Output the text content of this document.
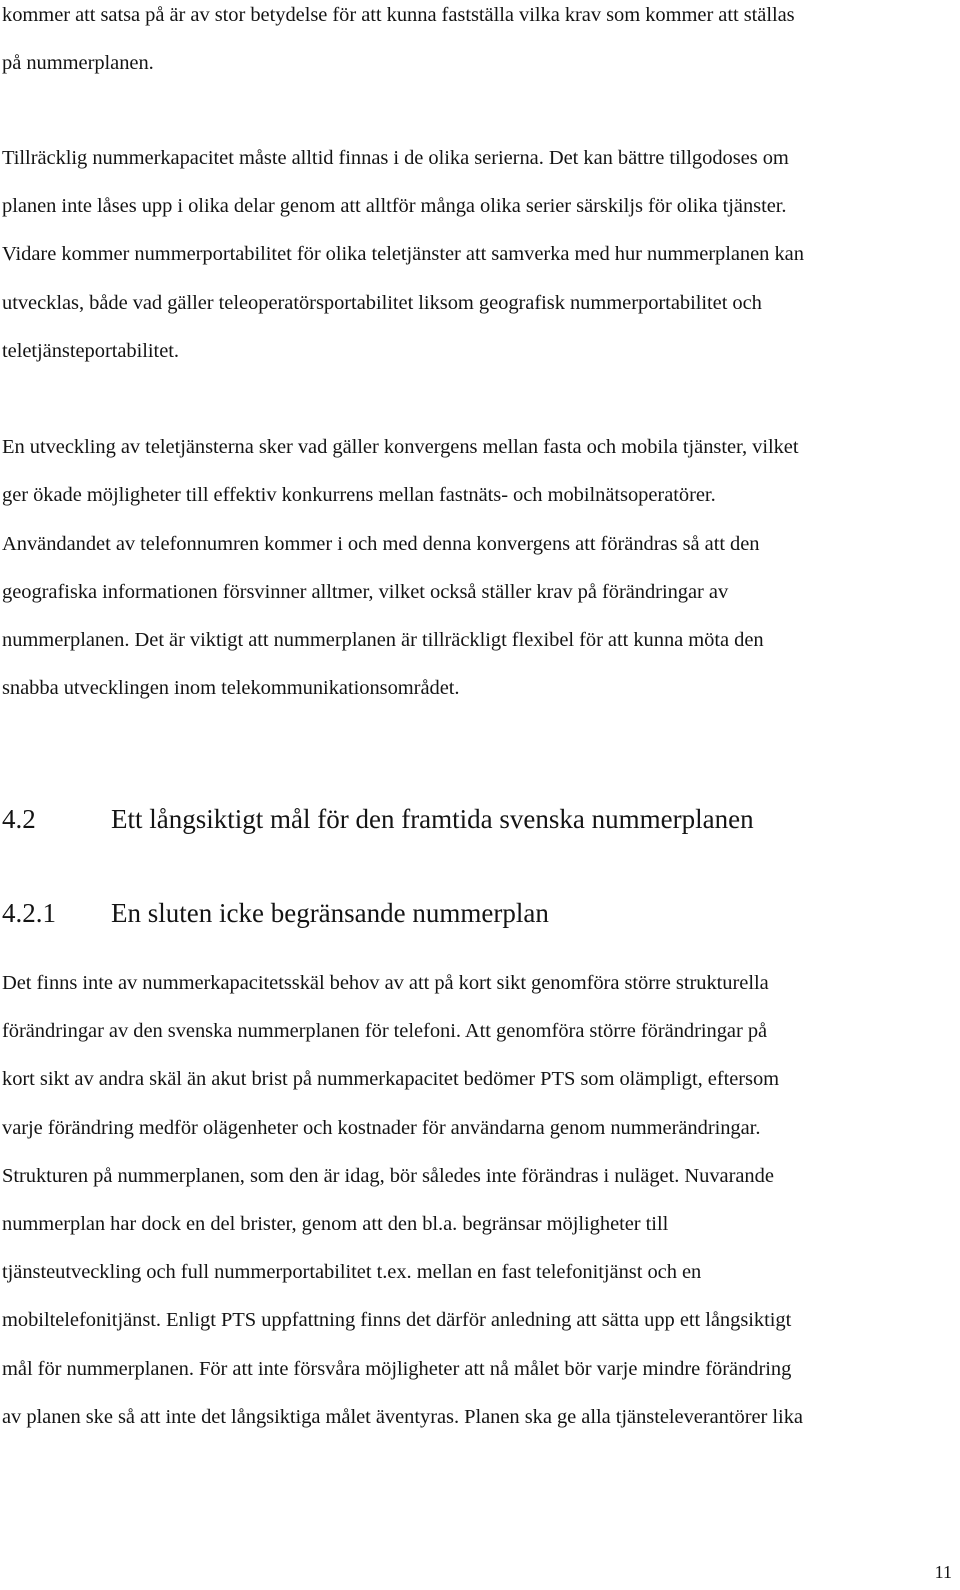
kommer att satsa på är av stor betydelse för att kunna fastställa vilka krav som kommer att ställas
på nummerplanen.
Tillräcklig nummerkapacitet måste alltid finnas i de olika serierna. Det kan bättre tillgodoses om
planen inte låses upp i olika delar genom att alltför många olika serier särskiljs för olika tjänster.
Vidare kommer nummerportabilitet för olika teletjänster att samverka med hur nummerplanen kan
utvecklas, både vad gäller teleoperatörsportabilitet liksom geografisk nummerportabilitet och
teletjänsteportabilitet.
En utveckling av teletjänsterna sker vad gäller konvergens mellan fasta och mobila tjänster, vilket
ger ökade möjligheter till effektiv konkurrens mellan fastnäts- och mobilnätsoperatörer.
Användandet av telefonnumren kommer i och med denna konvergens att förändras så att den
geografiska informationen försvinner alltmer, vilket också ställer krav på förändringar av
nummerplanen. Det är viktigt att nummerplanen är tillräckligt flexibel för att kunna möta den
snabba utvecklingen inom telekommunikationsområdet.
4.2	Ett långsiktigt mål för den framtida svenska nummerplanen
4.2.1 En sluten icke begränsande nummerplan
Det finns inte av nummerkapacitetsskäl behov av att på kort sikt genomföra större strukturella
förändringar av den svenska nummerplanen för telefoni. Att genomföra större förändringar på
kort sikt av andra skäl än akut brist på nummerkapacitet bedömer PTS som olämpligt, eftersom
varje förändring medför olägenheter och kostnader för användarna genom nummerändringar.
Strukturen på nummerplanen, som den är idag, bör således inte förändras i nuläget. Nuvarande
nummerplan har dock en del brister, genom att den bl.a. begränsar möjligheter till
tjänsteutveckling och full nummerportabilitet t.ex. mellan en fast telefonitjänst och en
mobiltelefonitjänst. Enligt PTS uppfattning finns det därför anledning att sätta upp ett långsiktigt
mål för nummerplanen. För att inte försvåra möjligheter att nå målet bör varje mindre förändring
av planen ske så att inte det långsiktiga målet äventyras. Planen ska ge alla tjänsteleverantörer lika
11
